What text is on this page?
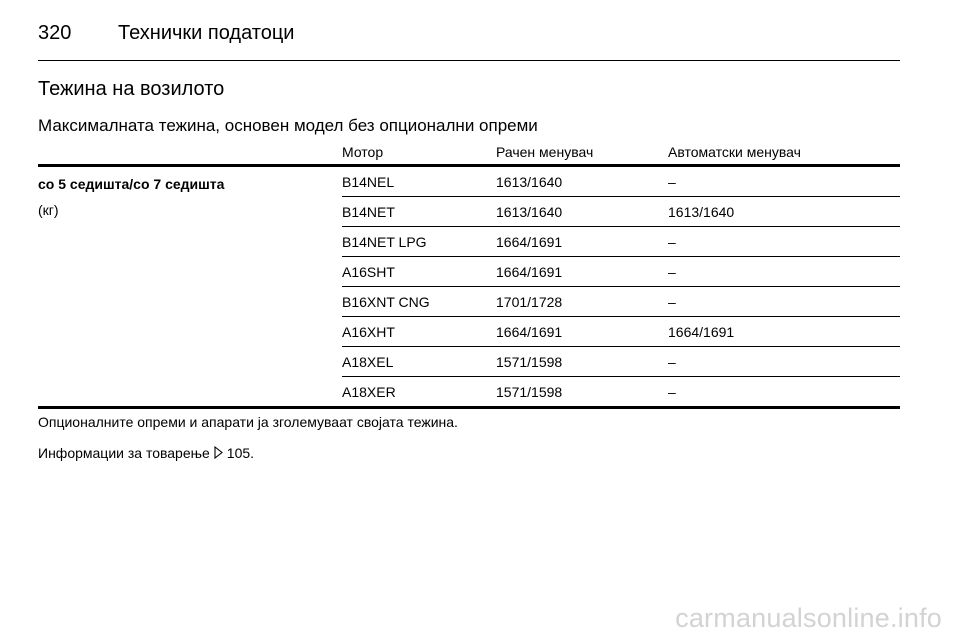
320 Технички податоци
Тежина на возилото
Максималната тежина, основен модел без опционални опреми
Мотор	Рачен менувач	Автоматски менувач
со 5 седишта/со 7 седишта
(кг)
B14NEL	1613/1640	–
B14NET	1613/1640	1613/1640
B14NET LPG	1664/1691	–
A16SHT	1664/1691	–
B16XNT CNG	1701/1728	–
A16XHT	1664/1691	1664/1691
A18XEL	1571/1598	–
A18XER	1571/1598	–

Опционалните опреми и апарати ја зголемуваат својата тежина.

Информации за товарење 105.

carmanualsonline.info
